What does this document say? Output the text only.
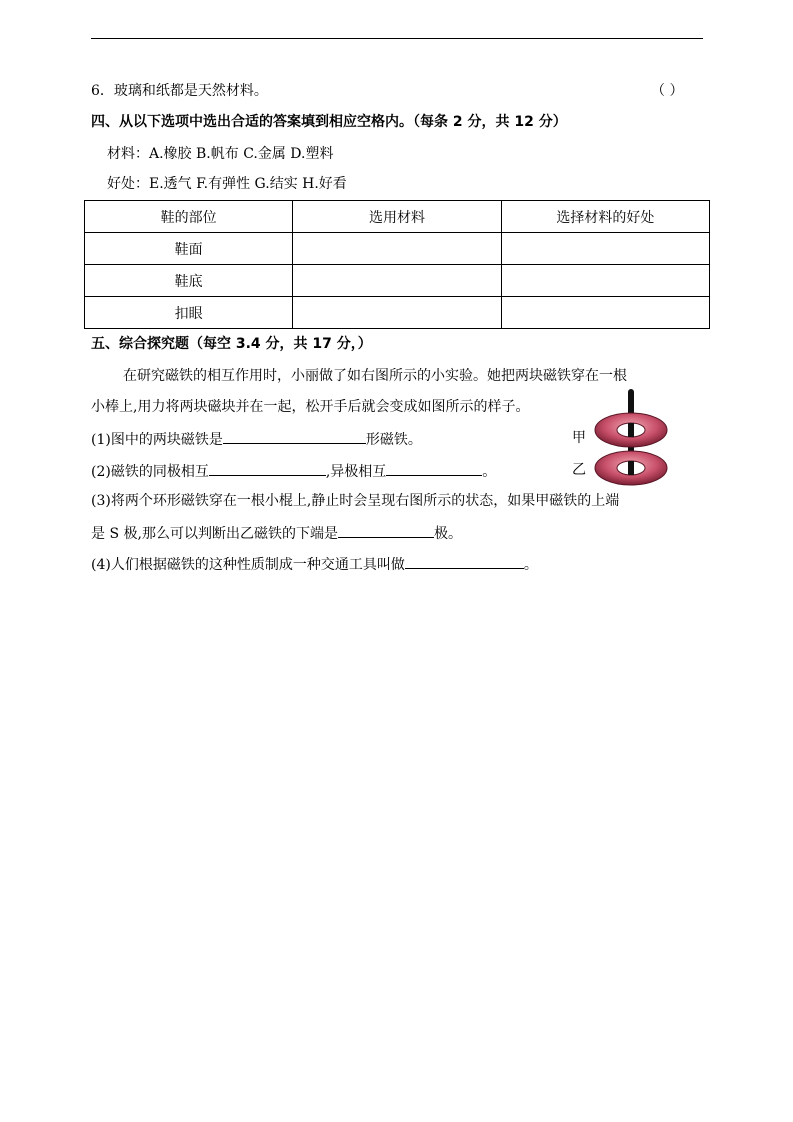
6．玻璃和纸都是天然材料。	（ ）
四、从以下选项中选出合适的答案填到相应空格内。（每条 2 分，共 12 分）
材料：A.橡胶 B.帆布 C.金属 D.塑料
好处：E.透气 F.有弹性 G.结实 H.好看
鞋的部位	选用材料	选择材料的好处
鞋面		
鞋底		
扣眼		
五、综合探究题（每空 3.4 分，共 17 分，）
在研究磁铁的相互作用时，小丽做了如右图所示的小实验。她把两块磁铁穿在一根
小棒上,用力将两块磁块并在一起，松开手后就会变成如图所示的样子。
(1)图中的两块磁铁是	形磁铁。
(2)磁铁的同极相互	,异极相互	。
(3)将两个环形磁铁穿在一根小棍上,静止时会呈现右图所示的状态，如果甲磁铁的上端
是 S 极,那么可以判断出乙磁铁的下端是	极。
(4)人们根据磁铁的这种性质制成一种交通工具叫做	。
甲
乙
